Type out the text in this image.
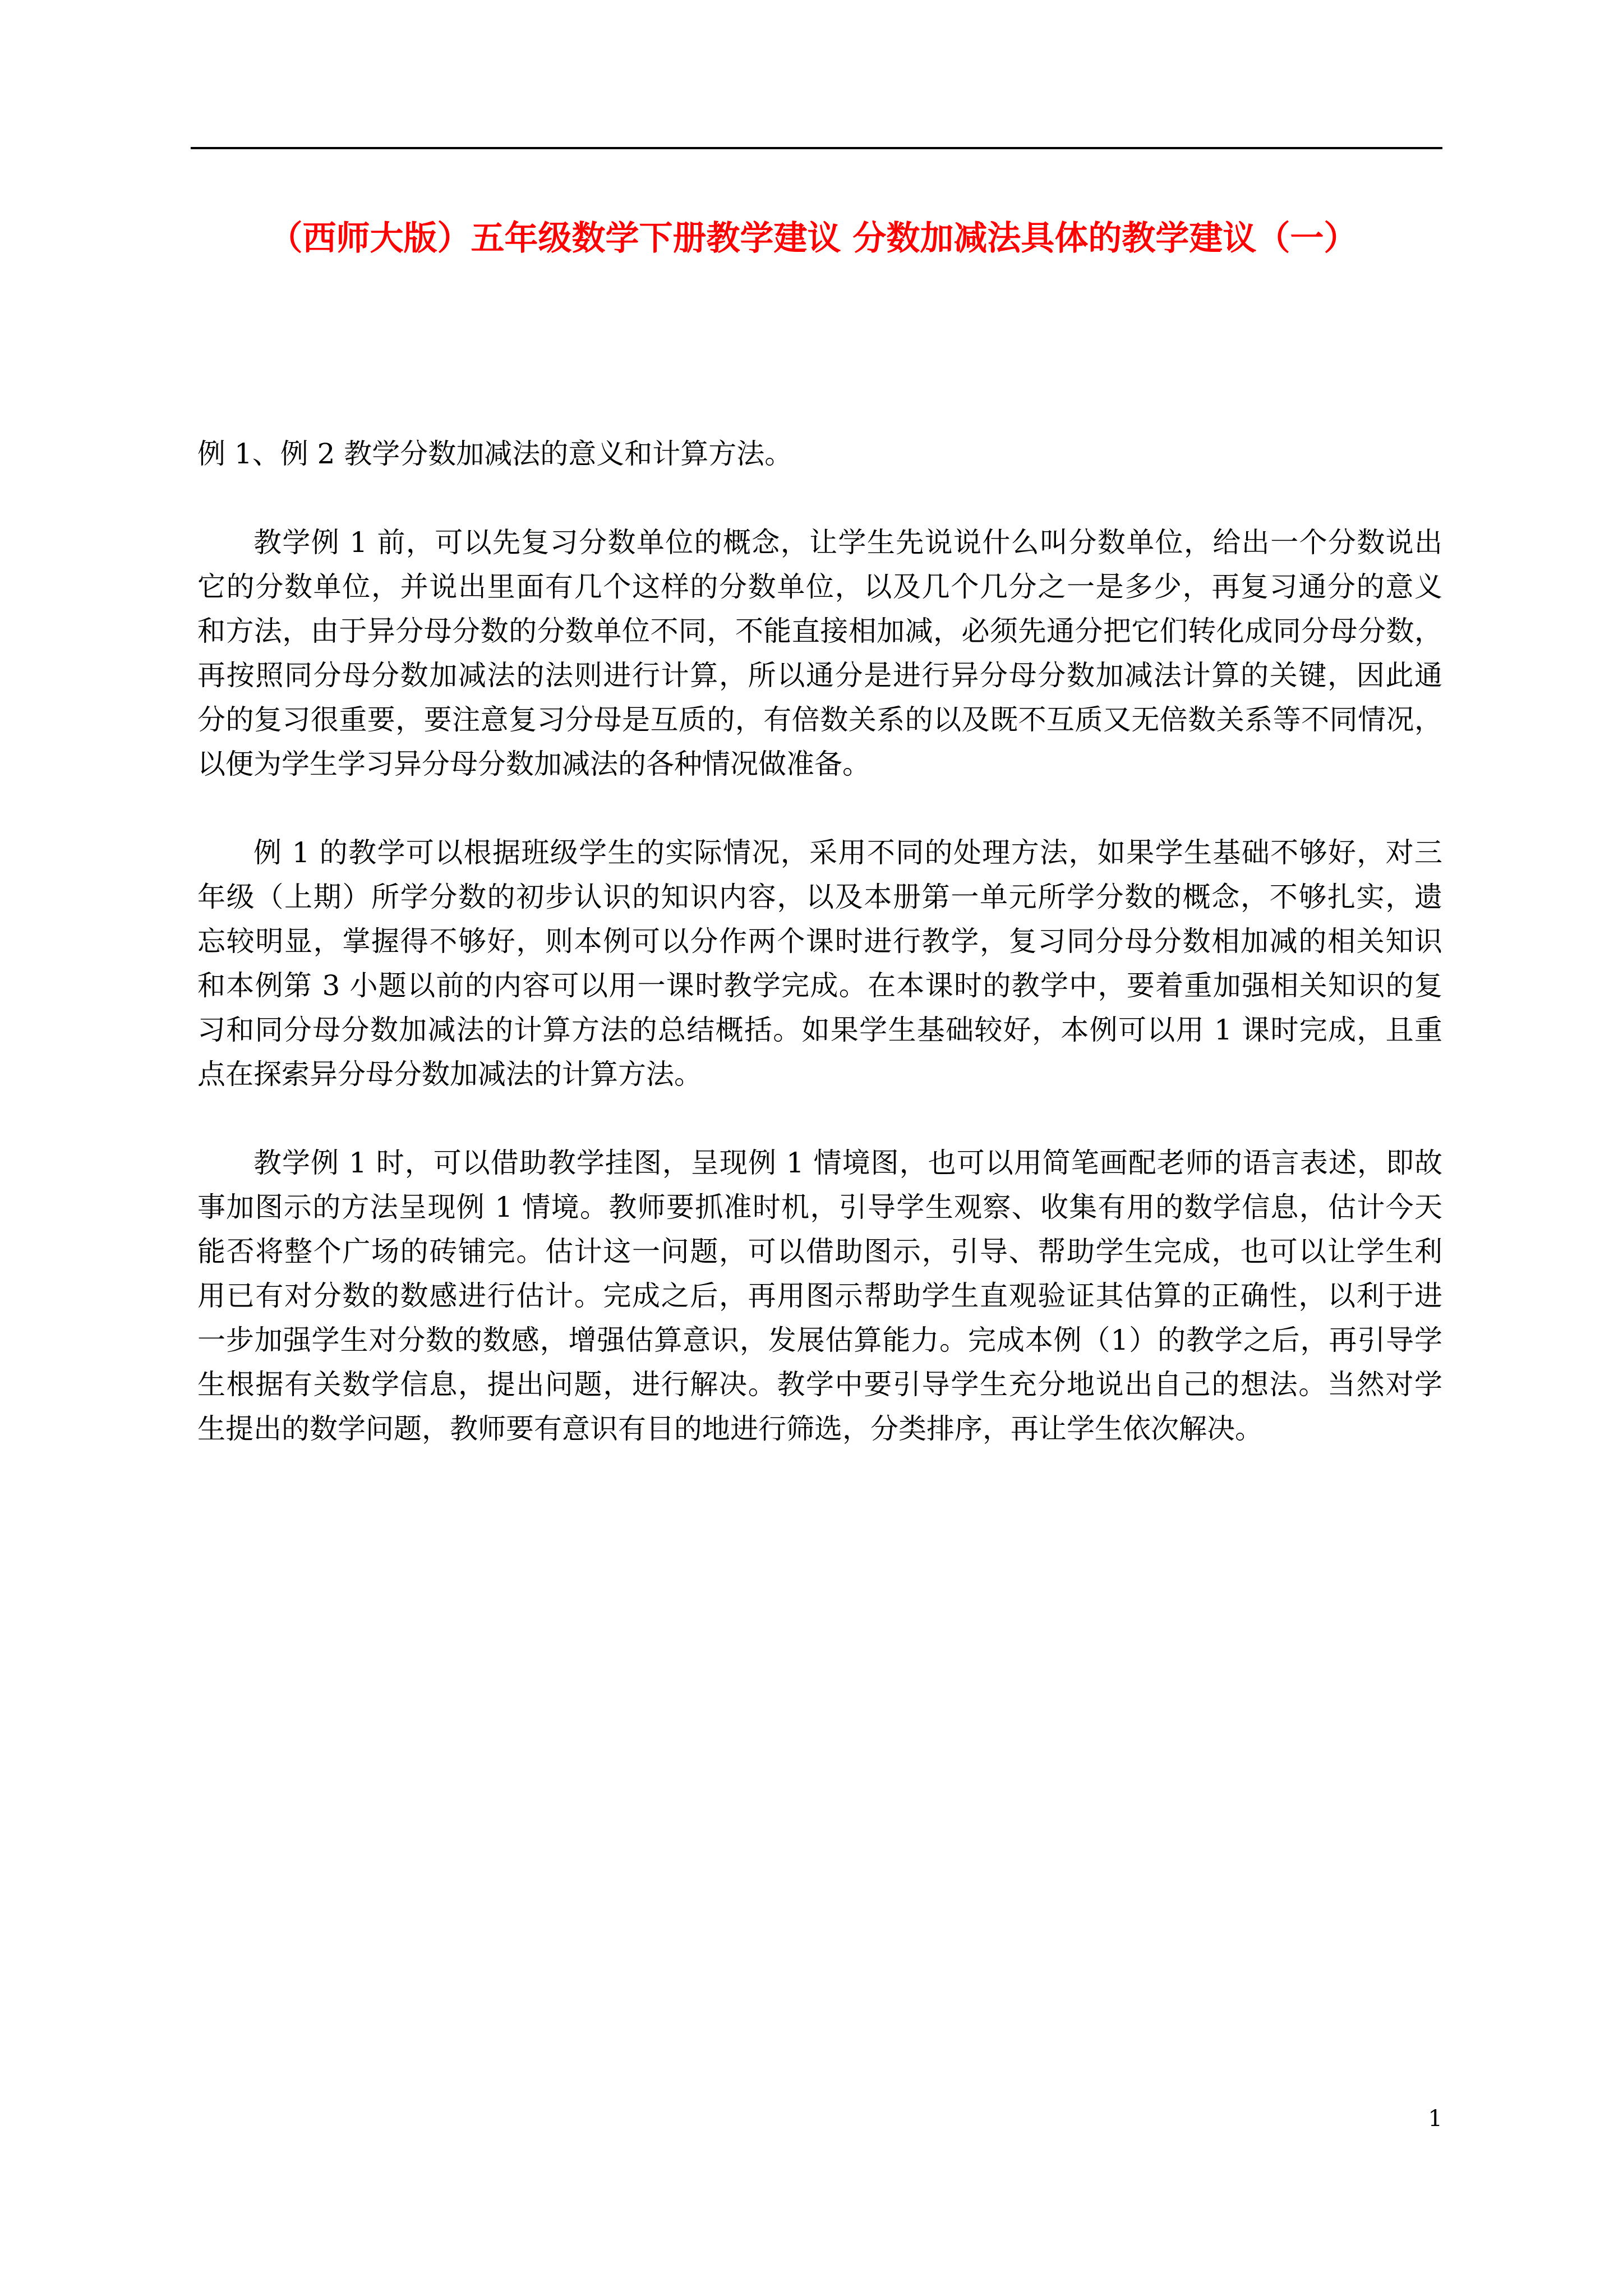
（西师大版）五年级数学下册教学建议 分数加减法具体的教学建议（一）
例 1、例 2 教学分数加减法的意义和计算方法。
教学例 1 前，可以先复习分数单位的概念，让学生先说说什么叫分数单位，给出一个分数说出
它的分数单位，并说出里面有几个这样的分数单位，以及几个几分之一是多少，再复习通分的意义
和方法，由于异分母分数的分数单位不同，不能直接相加减，必须先通分把它们转化成同分母分数，
再按照同分母分数加减法的法则进行计算，所以通分是进行异分母分数加减法计算的关键，因此通
分的复习很重要，要注意复习分母是互质的，有倍数关系的以及既不互质又无倍数关系等不同情况，
以便为学生学习异分母分数加减法的各种情况做准备。
例 1 的教学可以根据班级学生的实际情况，采用不同的处理方法，如果学生基础不够好，对三
年级（上期）所学分数的初步认识的知识内容，以及本册第一单元所学分数的概念，不够扎实，遗
忘较明显，掌握得不够好，则本例可以分作两个课时进行教学，复习同分母分数相加减的相关知识
和本例第 3 小题以前的内容可以用一课时教学完成。在本课时的教学中，要着重加强相关知识的复
习和同分母分数加减法的计算方法的总结概括。如果学生基础较好，本例可以用 1 课时完成，且重
点在探索异分母分数加减法的计算方法。
教学例 1 时，可以借助教学挂图，呈现例 1 情境图，也可以用简笔画配老师的语言表述，即故
事加图示的方法呈现例 1 情境。教师要抓准时机，引导学生观察、收集有用的数学信息，估计今天
能否将整个广场的砖铺完。估计这一问题，可以借助图示，引导、帮助学生完成，也可以让学生利
用已有对分数的数感进行估计。完成之后，再用图示帮助学生直观验证其估算的正确性，以利于进
一步加强学生对分数的数感，增强估算意识，发展估算能力。完成本例（1）的教学之后，再引导学
生根据有关数学信息，提出问题，进行解决。教学中要引导学生充分地说出自己的想法。当然对学
生提出的数学问题，教师要有意识有目的地进行筛选，分类排序，再让学生依次解决。
1
